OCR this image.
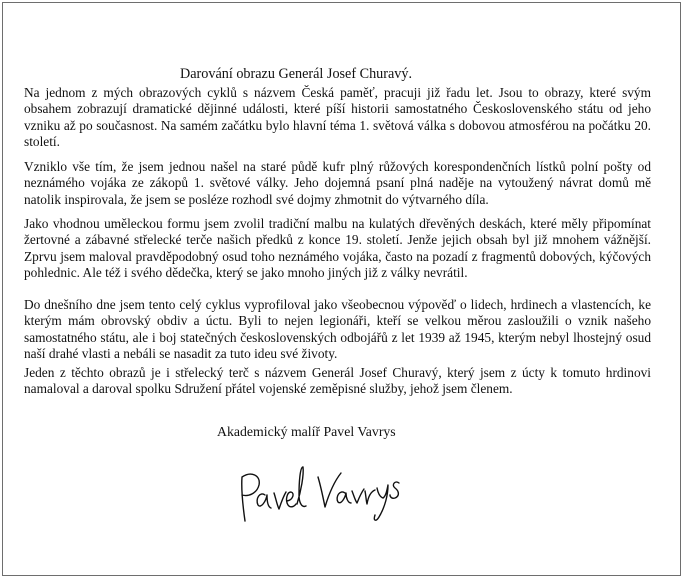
Darování obrazu Generál Josef Churavý.

Na jednom z mých obrazových cyklů s názvem Česká paměť, pracuji již řadu let. Jsou to obrazy, které svým obsahem zobrazují dramatické dějinné události, které píší historii samostatného Československého státu od jeho vzniku až po současnost. Na samém začátku bylo hlavní téma 1. světová válka s dobovou atmosférou na počátku 20. století.

Vzniklo vše tím, že jsem jednou našel na staré půdě kufr plný růžových korespondenčních lístků polní pošty od neznámého vojáka ze zákopů 1. světové války. Jeho dojemná psaní plná naděje na vytoužený návrat domů mě natolik inspirovala, že jsem se posléze rozhodl své dojmy zhmotnit do výtvarného díla.

Jako vhodnou uměleckou formu jsem zvolil tradiční malbu na kulatých dřevěných deskách, které měly připomínat žertovné a zábavné střelecké terče našich předků z konce 19. století. Jenže jejich obsah byl již mnohem vážnější. Zprvu jsem maloval pravděpodobný osud toho neznámého vojáka, často na pozadí z fragmentů dobových, kýčových pohlednic. Ale též i svého dědečka, který se jako mnoho jiných již z války nevrátil.

Do dnešního dne jsem tento celý cyklus vyprofiloval jako všeobecnou výpověď o lidech, hrdinech a vlastencích, ke kterým mám obrovský obdiv a úctu. Byli to nejen legionáři, kteří se velkou měrou zasloužili o vznik našeho samostatného státu, ale i boj statečných československých odbojářů z let 1939 až 1945, kterým nebyl lhostejný osud naší drahé vlasti a nebáli se nasadit za tuto ideu své životy.

Jeden z těchto obrazů je i střelecký terč s názvem Generál Josef Churavý, který jsem z úcty k tomuto hrdinovi namaloval a daroval spolku Sdružení přátel vojenské zeměpisné služby, jehož jsem členem.

Akademický malíř Pavel Vavrys
